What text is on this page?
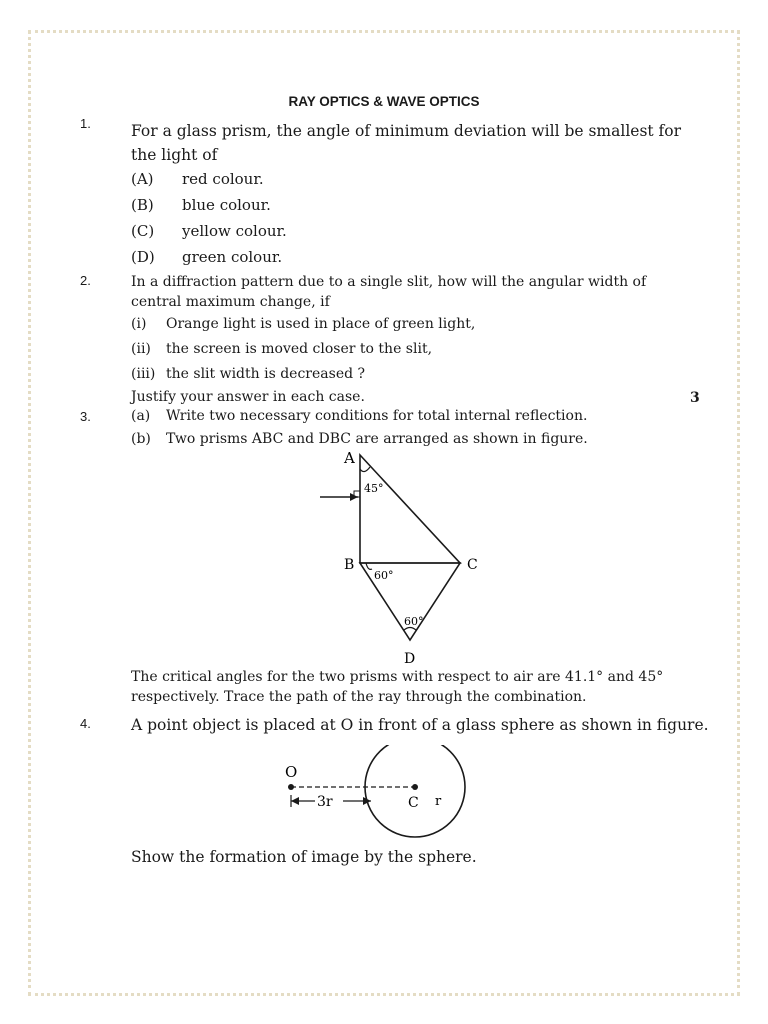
RAY OPTICS & WAVE OPTICS
1.	For a glass prism, the angle of minimum deviation will be smallest for the light of
(A) red colour.
(B) blue colour.
(C) yellow colour.
(D) green colour.
2.	In a diffraction pattern due to a single slit, how will the angular width of central maximum change, if
(i) Orange light is used in place of green light,
(ii) the screen is moved closer to the slit,
(iii) the slit width is decreased ?
Justify your answer in each case.	3
3.	(a) Write two necessary conditions for total internal reflection.
(b) Two prisms ABC and DBC are arranged as shown in figure.
A
B	C
D
45°
60°
60°
The critical angles for the two prisms with respect to air are 41.1° and 45° respectively. Trace the path of the ray through the combination.
4.	A point object is placed at O in front of a glass sphere as shown in figure.
O
C r
3r
Show the formation of image by the sphere.
